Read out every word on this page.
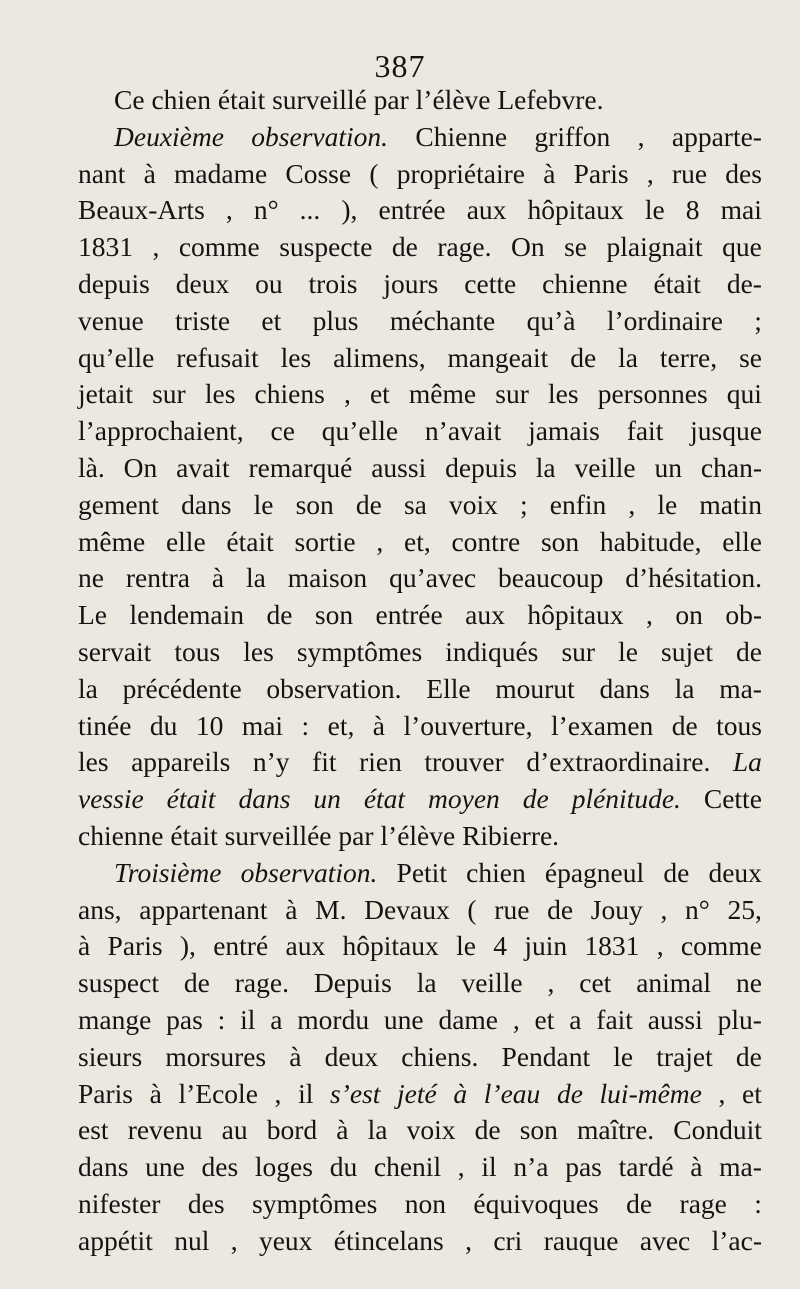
387
Ce
chien
était
surveillé
par
l’élève
Lefebvre.

Deuxième observation. Chienne griffon , apparte-
nant à madame Cosse ( propriétaire à Paris , rue des
Beaux-Arts , n° ... ), entrée aux hôpitaux le 8 mai
1831 , comme suspecte de rage. On se plaignait que
depuis deux ou trois jours cette chienne était de-
venue triste et plus méchante qu’à l’ordinaire ;
qu’elle refusait les alimens, mangeait de la terre, se
jetait sur les chiens , et même sur les personnes qui
l’approchaient, ce qu’elle n’avait jamais fait jusque
là. On avait remarqué aussi depuis la veille un chan-
gement dans le son de sa voix ; enfin , le matin
même elle était sortie , et, contre son habitude, elle
ne rentra à la maison qu’avec beaucoup d’hésitation.
Le lendemain de son entrée aux hôpitaux , on ob-
servait tous les symptômes indiqués sur le sujet de
la précédente observation. Elle mourut dans la ma-
tinée du 10 mai : et, à l’ouverture, l’examen de tous
les appareils n’y fit rien trouver d’extraordinaire. La
vessie était dans un état moyen de plénitude. Cette
chienne
était
surveillée
par
l’élève
Ribierre.

Troisième observation. Petit chien épagneul de deux
ans, appartenant à M. Devaux ( rue de Jouy , n° 25,
à Paris ), entré aux hôpitaux le 4 juin 1831 , comme
suspect de rage. Depuis la veille , cet animal ne
mange pas : il a mordu une dame , et a fait aussi plu-
sieurs morsures à deux chiens. Pendant le trajet de
Paris à l’Ecole , il s’est jeté à l’eau de lui-même , et
est revenu au bord à la voix de son maître. Conduit
dans une des loges du chenil , il n’a pas tardé à ma-
nifester des symptômes non équivoques de rage :
appétit nul , yeux étincelans , cri rauque avec l’ac-
